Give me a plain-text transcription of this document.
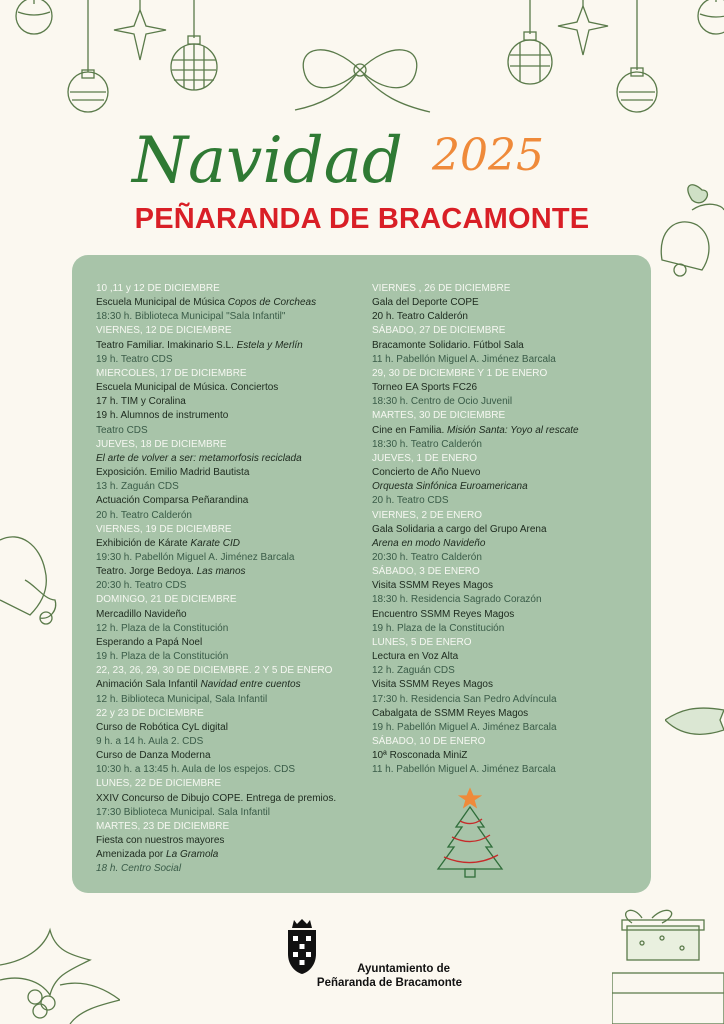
Navidad 2025
PEÑARANDA DE BRACAMONTE
10 ,11 y 12 DE DICIEMBRE
Escuela Municipal de Música Copos de Corcheas
18:30 h. Biblioteca Municipal "Sala Infantil"
VIERNES, 12 DE DICIEMBRE
Teatro Familiar. Imakinario S.L. Estela y Merlín
19 h. Teatro CDS
MIERCOLES, 17 DE DICIEMBRE
Escuela Municipal de Música. Conciertos
17 h. TIM y Coralina
19 h. Alumnos de instrumento
Teatro CDS
JUEVES, 18 DE DICIEMBRE
El arte de volver a ser: metamorfosis reciclada
Exposición. Emilio Madrid Bautista
13 h. Zaguán CDS
Actuación Comparsa Peñarandina
20 h. Teatro Calderón
VIERNES, 19 DE DICIEMBRE
Exhibición de Kárate Karate CID
19:30 h. Pabellón Miguel A. Jiménez Barcala
Teatro. Jorge Bedoya. Las manos
20:30 h. Teatro CDS
DOMINGO, 21 DE DICIEMBRE
Mercadillo Navideño
12 h. Plaza de la Constitución
Esperando a Papá Noel
19 h. Plaza de la Constitución
22, 23, 26, 29, 30 DE DICIEMBRE. 2 Y 5 DE ENERO
Animación Sala Infantil Navidad entre cuentos
12 h. Biblioteca Municipal, Sala Infantil
22 y 23 DE DICIEMBRE
Curso de Robótica CyL digital
9 h. a 14 h. Aula 2. CDS
Curso de Danza Moderna
10:30 h. a 13:45 h. Aula de los espejos. CDS
LUNES, 22 DE DICIEMBRE
XXIV Concurso de Dibujo COPE. Entrega de premios.
17:30 Biblioteca Municipal. Sala Infantil
MARTES, 23 DE DICIEMBRE
Fiesta con nuestros mayores
Amenizada por La Gramola
18 h. Centro Social
VIERNES , 26 DE DICIEMBRE
Gala del Deporte COPE
20 h. Teatro Calderón
SÁBADO, 27 DE DICIEMBRE
Bracamonte Solidario. Fútbol Sala
11 h. Pabellón Miguel A. Jiménez Barcala
29, 30 DE DICIEMBRE Y 1 DE ENERO
Torneo EA Sports FC26
18:30 h. Centro de Ocio Juvenil
MARTES, 30 DE DICIEMBRE
Cine en Familia. Misión Santa: Yoyo al rescate
18:30 h. Teatro Calderón
JUEVES, 1 DE ENERO
Concierto de Año Nuevo
Orquesta Sinfónica Euroamericana
20 h. Teatro CDS
VIERNES, 2 DE ENERO
Gala Solidaria a cargo del Grupo Arena
Arena en modo Navideño
20:30 h. Teatro Calderón
SÁBADO, 3 DE ENERO
Visita SSMM Reyes Magos
18:30 h. Residencia Sagrado Corazón
Encuentro SSMM Reyes Magos
19 h. Plaza de la Constitución
LUNES, 5 DE ENERO
Lectura en Voz Alta
12 h. Zaguán CDS
Visita SSMM Reyes Magos
17:30 h. Residencia San Pedro Advíncula
Cabalgata de SSMM Reyes Magos
19 h. Pabellón Miguel A. Jiménez Barcala
SÁBADO, 10 DE ENERO
10ª Rosconada MiniZ
11 h. Pabellón Miguel A. Jiménez Barcala
Ayuntamiento de
Peñaranda de Bracamonte
